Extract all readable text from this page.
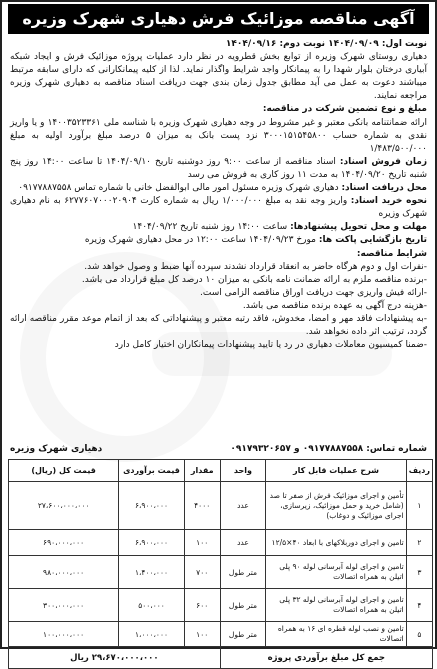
آگهی مناقصه موزائیک فرش دهیاری شهرک وزیره

نوبت اول: ۱۴۰۴/۰۹/۰۹ نوبت دوم: ۱۴۰۴/۰۹/۱۶

دهیاری روستای شهرک وزیره از توابع بخش قطرویه در نظر دارد عملیات پروژه موزائیک فرش و ایجاد شبکه آبیاری درختان بلوار شهدا را به پیمانکار واجد شرایط واگذار نماید. لذا از کلیه پیمانکارانی که دارای سابقه مرتبط میباشند دعوت به عمل می آید مطابق جدول زمان بندی جهت دریافت اسناد مناقصه به دهیاری شهرک وزیره مراجعه نمایند.

مبلغ و نوع تضمین شرکت در مناقصه:

ارائه ضمانتنامه بانکی معتبر و غیر مشروط در وجه دهیاری شهرک وزیره با شناسه ملی ۱۴۰۰۳۵۲۳۳۶۱ و یا واریز نقدی به شماره حساب ۳۰۰۰۱۵۱۵۴۵۸۰۰ نزد پست بانک به میزان ۵ درصد مبلغ برآورد اولیه به مبلغ ۱/۴۸۳/۵۰۰/۰۰۰

زمان فروش اسناد: اسناد مناقصه از ساعت ۹:۰۰ روز دوشنبه تاریخ ۱۴۰۴/۰۹/۱۰ تا ساعت ۱۴:۰۰ روز پنج شنبه تاریخ ۱۴۰۴/۰۹/۲۰ به مدت ۱۱ روز کاری به فروش می رسد

محل دریافت اسناد: دهیاری شهرک وزیره مسئول امور مالی ابوالفضل خانی با شماره تماس ۰۹۱۷۷۸۸۷۵۵۸

نحوه خرید اسناد: واریز وجه نقد به مبلغ ۱/۰۰۰/۰۰۰ ریال به شماره کارت ۶۲۷۷۶۰۷۰۰۰۲۰۹۰۴ به نام دهیاری شهرک وزیره

مهلت و محل تحویل پیشنهادها: ساعت ۱۴:۰۰ روز شنبه تاریخ ۱۴۰۴/۰۹/۲۲

تاریخ بازگشایی پاکت ها: مورخ ۱۴۰۴/۰۹/۲۳ ساعت ۱۲:۰۰ در محل دهیاری شهرک وزیره

شرایط مناقصه:

-نفرات اول و دوم هرگاه حاضر به انعقاد قرارداد نشدند سپرده آنها ضبط و وصول خواهد شد.

-برنده مناقصه ملزم به ارائه ضمانت نامه بانکی به میزان ۱۰ درصد کل مبلغ قرارداد می باشد.

-ارائه فیش واریزی جهت دریافت اوراق مناقصه الزامی است.

-هزینه درج آگهی به عهده برنده مناقصه می باشد.

-به پیشنهادات فاقد مهر و امضا، مخدوش، فاقد رتبه معتبر و پیشنهاداتی که بعد از اتمام موعد مقرر مناقصه ارائه گردد، ترتیب اثر داده نخواهد شد.

-ضمنا کمیسیون معاملات دهیاری در رد یا تایید پیشنهادات پیمانکاران اختیار کامل دارد

شماره تماس: ۰۹۱۷۷۸۸۷۵۵۸ و ۰۹۱۷۹۳۲۰۶۵۷
دهیاری شهرک وزیره
ردیف	شرح عملیات قابل کار	واحد	مقدار	قیمت برآوردی	قیمت کل (ریال)
۱	تأمین و اجرای موزائیک فرش از صفر تا صد (شامل خرید و حمل موزائیک، زیرسازی، اجرای موزائیک و دوغاب)	عدد	۴۰۰۰	۶،۹۰۰،۰۰۰	۲۷،۶۰۰،۰۰۰،۰۰۰
۲	تامین و اجرای دوربلاکهای با ابعاد ۴۰×۱۲/۵	عدد	۱۰۰	۶،۹۰۰،۰۰۰	۶۹۰،۰۰۰،۰۰۰
۳	تامین و اجرای لوله آبرسانی لوله ۹۰ پلی اتیلن به همراه اتصالات	متر طول	۷۰۰	۱،۴۰۰،۰۰۰	۹۸۰،۰۰۰،۰۰۰
۴	تامین و اجرای لوله آبرسانی لوله ۳۲ پلی اتیلن به همراه اتصالات	متر طول	۶۰۰	۵۰۰،۰۰۰	۳۰۰،۰۰۰،۰۰۰
۵	تامین و نصب لوله قطره ای ۱۶ به همراه اتصالات	متر طول	۱۰۰	۱،۰۰۰،۰۰۰	۱۰۰،۰۰۰،۰۰۰
جمع کل مبلغ برآوردی پروژه			۲۹،۶۷۰،۰۰۰،۰۰۰ ریال		
